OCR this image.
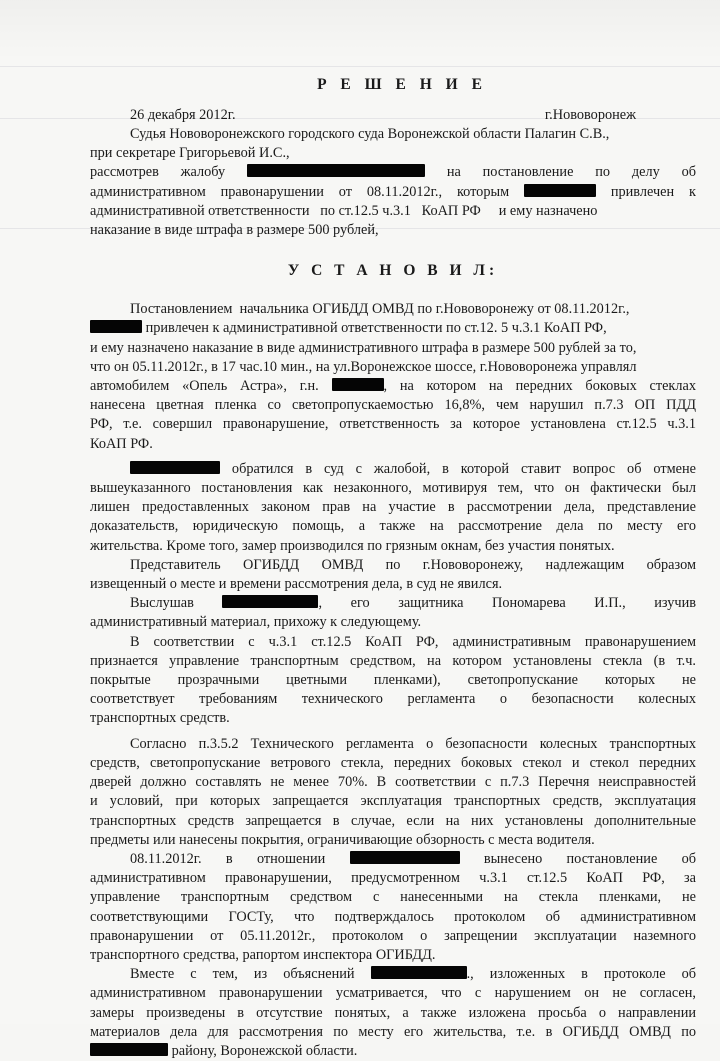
Р Е Ш Е Н И Е
26 декабря 2012г.	г.Нововоронеж

Судья Нововоронежского городского суда Воронежской области Палагин С.В.,

при секретаре Григорьевой И.С.,

рассмотрев жалобу	на постановление по делу об

административном правонарушении от 08.11.2012г., которым	привлечен к

административной ответственности   по ст.12.5 ч.3.1   КоАП РФ     и ему назначено

наказание в виде штрафа в размере 500 рублей,

У С Т А Н О В И Л:

Постановлением  начальника ОГИБДД ОМВД по г.Нововоронежу от 08.11.2012г.,

привлечен к административной ответственности по ст.12. 5 ч.3.1 КоАП РФ,

и ему назначено наказание в виде административного штрафа в размере 500 рублей за то,

что он 05.11.2012г., в 17 час.10 мин., на ул.Воронежское шоссе, г.Нововоронежа управлял

автомобилем «Опель Астра», г.н.	, на котором на передних боковых стеклах

нанесена цветная пленка со светопропускаемостью 16,8%, чем нарушил п.7.3 ОП ПДД

РФ, т.е. совершил правонарушение, ответственность за которое установлена ст.12.5 ч.3.1

КоАП РФ.

обратился в суд с жалобой, в которой ставит вопрос об отмене

вышеуказанного постановления как незаконного, мотивируя тем, что он фактически был

лишен предоставленных законом прав на участие в рассмотрении дела, представление

доказательств, юридическую помощь, а также на рассмотрение дела по месту его

жительства. Кроме того, замер производился по грязным окнам, без участия понятых.

Представитель ОГИБДД ОМВД по г.Нововоронежу, надлежащим образом

извещенный о месте и времени рассмотрения дела, в суд не явился.

Выслушав	, его защитника Пономарева И.П., изучив

административный материал, прихожу к следующему.

В соответствии с ч.3.1 ст.12.5 КоАП РФ, административным правонарушением

признается управление транспортным средством, на котором установлены стекла (в т.ч.

покрытые прозрачными цветными пленками), светопропускание которых не

соответствует требованиям технического регламента о безопасности колесных

транспортных средств.

Согласно п.3.5.2 Технического регламента о безопасности колесных транспортных

средств, светопропускание ветрового стекла, передних боковых стекол и стекол передних

дверей должно составлять не менее 70%. В соответствии с п.7.3 Перечня неисправностей

и условий, при которых запрещается эксплуатация транспортных средств, эксплуатация

транспортных средств запрещается в случае, если на них установлены дополнительные

предметы или нанесены покрытия, ограничивающие обзорность с места водителя.

08.11.2012г. в отношении	вынесено постановление об

административном правонарушении, предусмотренном ч.3.1 ст.12.5 КоАП РФ, за

управление транспортным средством с нанесенными на стекла пленками, не

соответствующими ГОСТу, что подтверждалось протоколом об административном

правонарушении от 05.11.2012г., протоколом о запрещении эксплуатации наземного

транспортного средства, рапортом инспектора ОГИБДД.

Вместе с тем, из объяснений	., изложенных в протоколе об

административном правонарушении усматривается, что с нарушением он не согласен,

замеры произведены в отсутствие понятых, а также изложена просьба о направлении

материалов дела для рассмотрения по месту его жительства, т.е. в ОГИБДД ОМВД по

району, Воронежской области.
